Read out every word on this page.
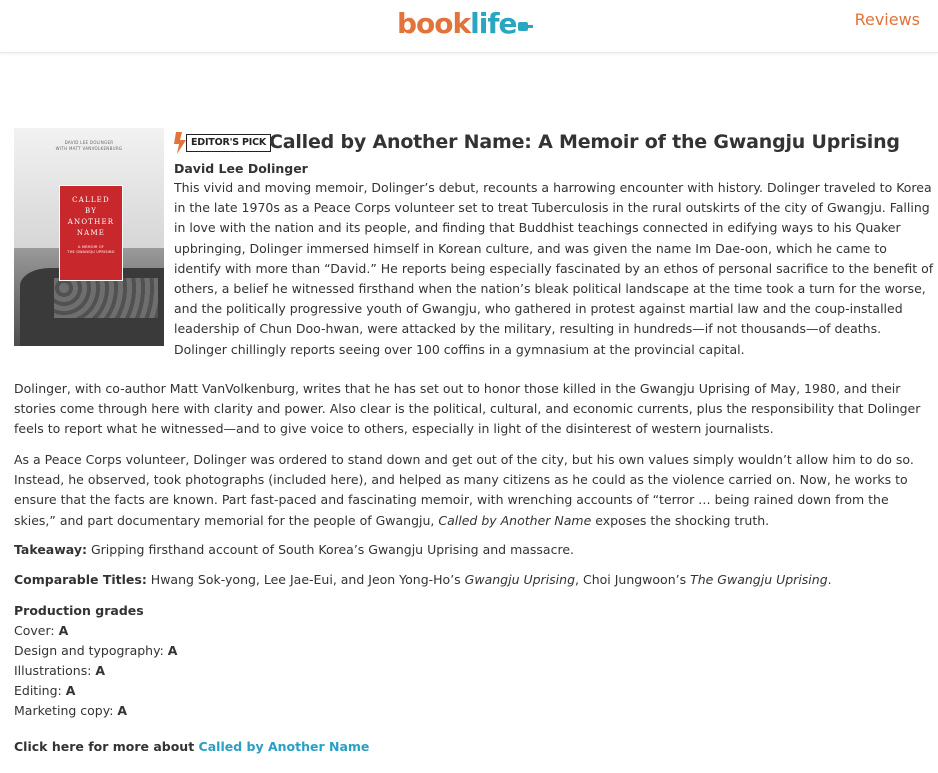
booklife	Reviews
DAVID LEE DOLINGER
WITH MATT VANVOLKENBURG
CALLED
BY
ANOTHER
NAME
A MEMOIR OF
THE GWANGJU UPRISING
EDITOR'S PICK Called by Another Name: A Memoir of the Gwangju Uprising
David Lee Dolinger

This vivid and moving memoir, Dolinger’s debut, recounts a harrowing encounter with history. Dolinger traveled to Korea in the late 1970s as a Peace Corps volunteer set to treat Tuberculosis in the rural outskirts of the city of Gwangju. Falling in love with the nation and its people, and finding that Buddhist teachings connected in edifying ways to his Quaker upbringing, Dolinger immersed himself in Korean culture, and was given the name Im Dae-oon, which he came to identify with more than “David.” He reports being especially fascinated by an ethos of personal sacrifice to the benefit of others, a belief he witnessed firsthand when the nation’s bleak political landscape at the time took a turn for the worse, and the politically progressive youth of Gwangju, who gathered in protest against martial law and the coup-installed leadership of Chun Doo-hwan, were attacked by the military, resulting in hundreds—if not thousands—of deaths. Dolinger chillingly reports seeing over 100 coffins in a gymnasium at the provincial capital.

Dolinger, with co-author Matt VanVolkenburg, writes that he has set out to honor those killed in the Gwangju Uprising of May, 1980, and their stories come through here with clarity and power. Also clear is the political, cultural, and economic currents, plus the responsibility that Dolinger feels to report what he witnessed—and to give voice to others, especially in light of the disinterest of western journalists.

As a Peace Corps volunteer, Dolinger was ordered to stand down and get out of the city, but his own values simply wouldn’t allow him to do so. Instead, he observed, took photographs (included here), and helped as many citizens as he could as the violence carried on. Now, he works to ensure that the facts are known. Part fast-paced and fascinating memoir, with wrenching accounts of “terror … being rained down from the skies,” and part documentary memorial for the people of Gwangju, Called by Another Name exposes the shocking truth.

Takeaway: Gripping firsthand account of South Korea’s Gwangju Uprising and massacre.
Comparable Titles: Hwang Sok-yong, Lee Jae-Eui, and Jeon Yong-Ho’s Gwangju Uprising, Choi Jungwoon’s The Gwangju Uprising.
Production grades
Cover: A
Design and typography: A
Illustrations: A
Editing: A
Marketing copy: A
Click here for more about Called by Another Name
